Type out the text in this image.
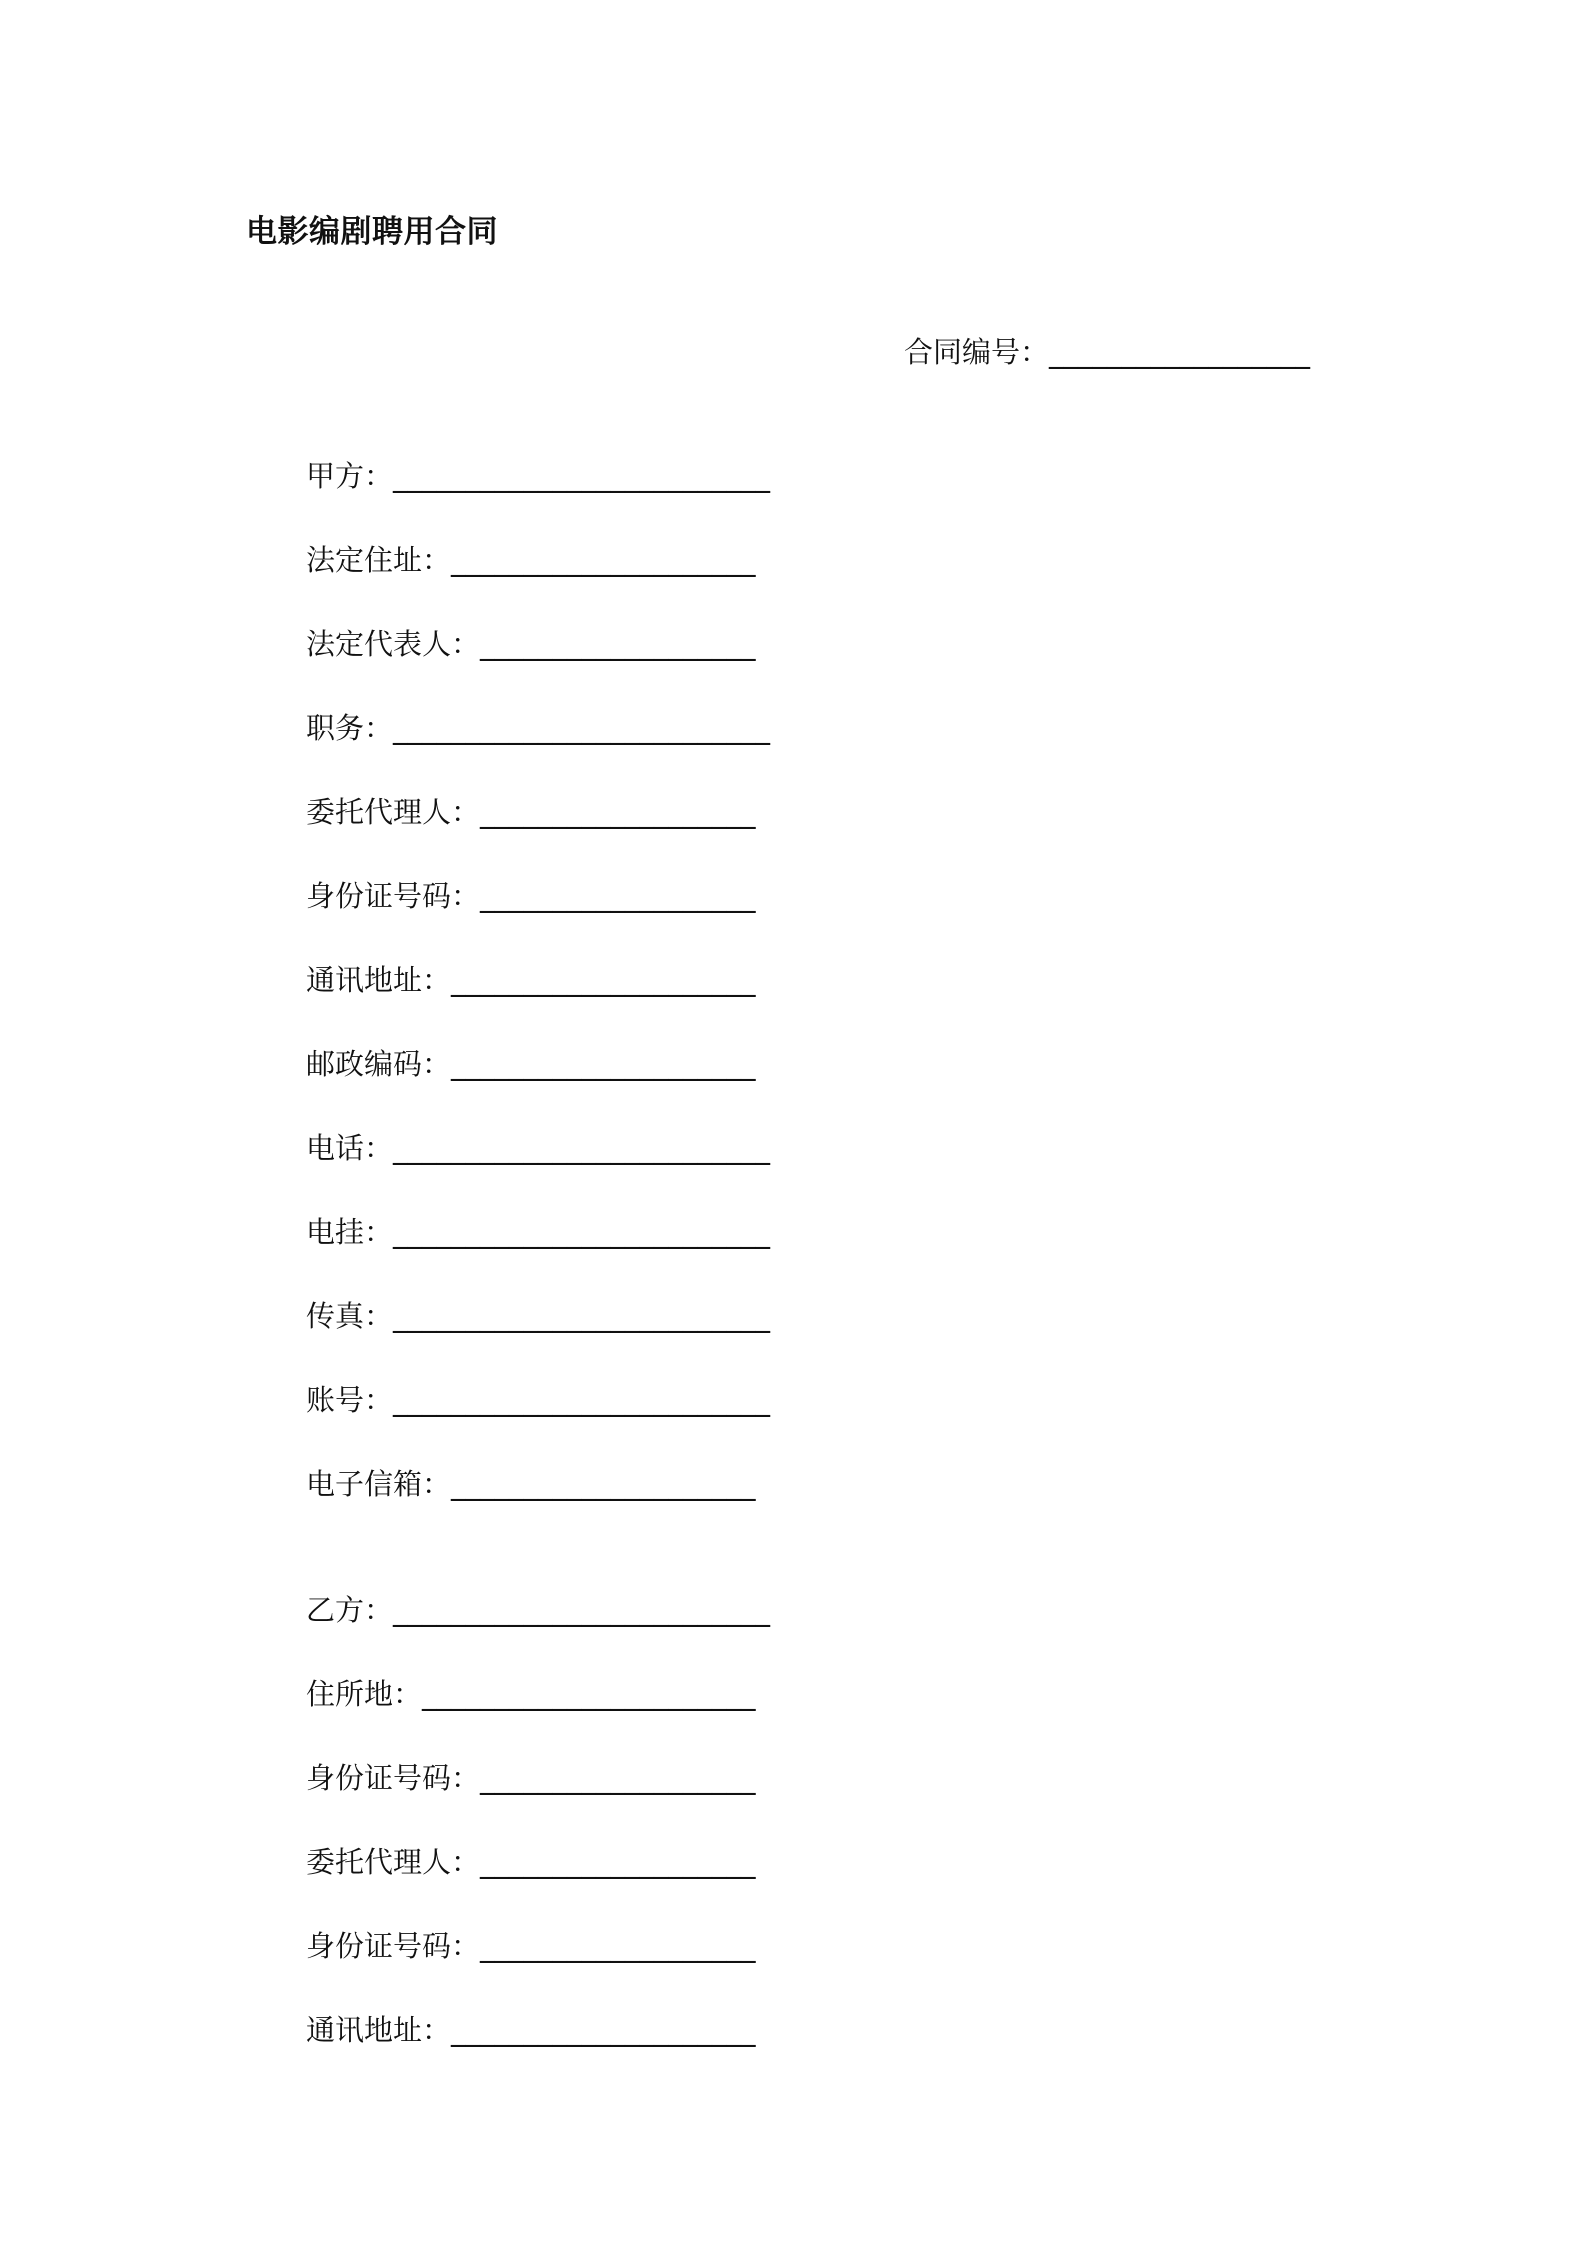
电影编剧聘用合同
合同编号：__________________
甲方：__________________________
法定住址：_____________________
法定代表人：___________________
职务：__________________________
委托代理人：___________________
身份证号码：___________________
通讯地址：_____________________
邮政编码：_____________________
电话：__________________________
电挂：__________________________
传真：__________________________
账号：__________________________
电子信箱：_____________________
乙方：__________________________
住所地：_______________________
身份证号码：___________________
委托代理人：___________________
身份证号码：___________________
通讯地址：_____________________
